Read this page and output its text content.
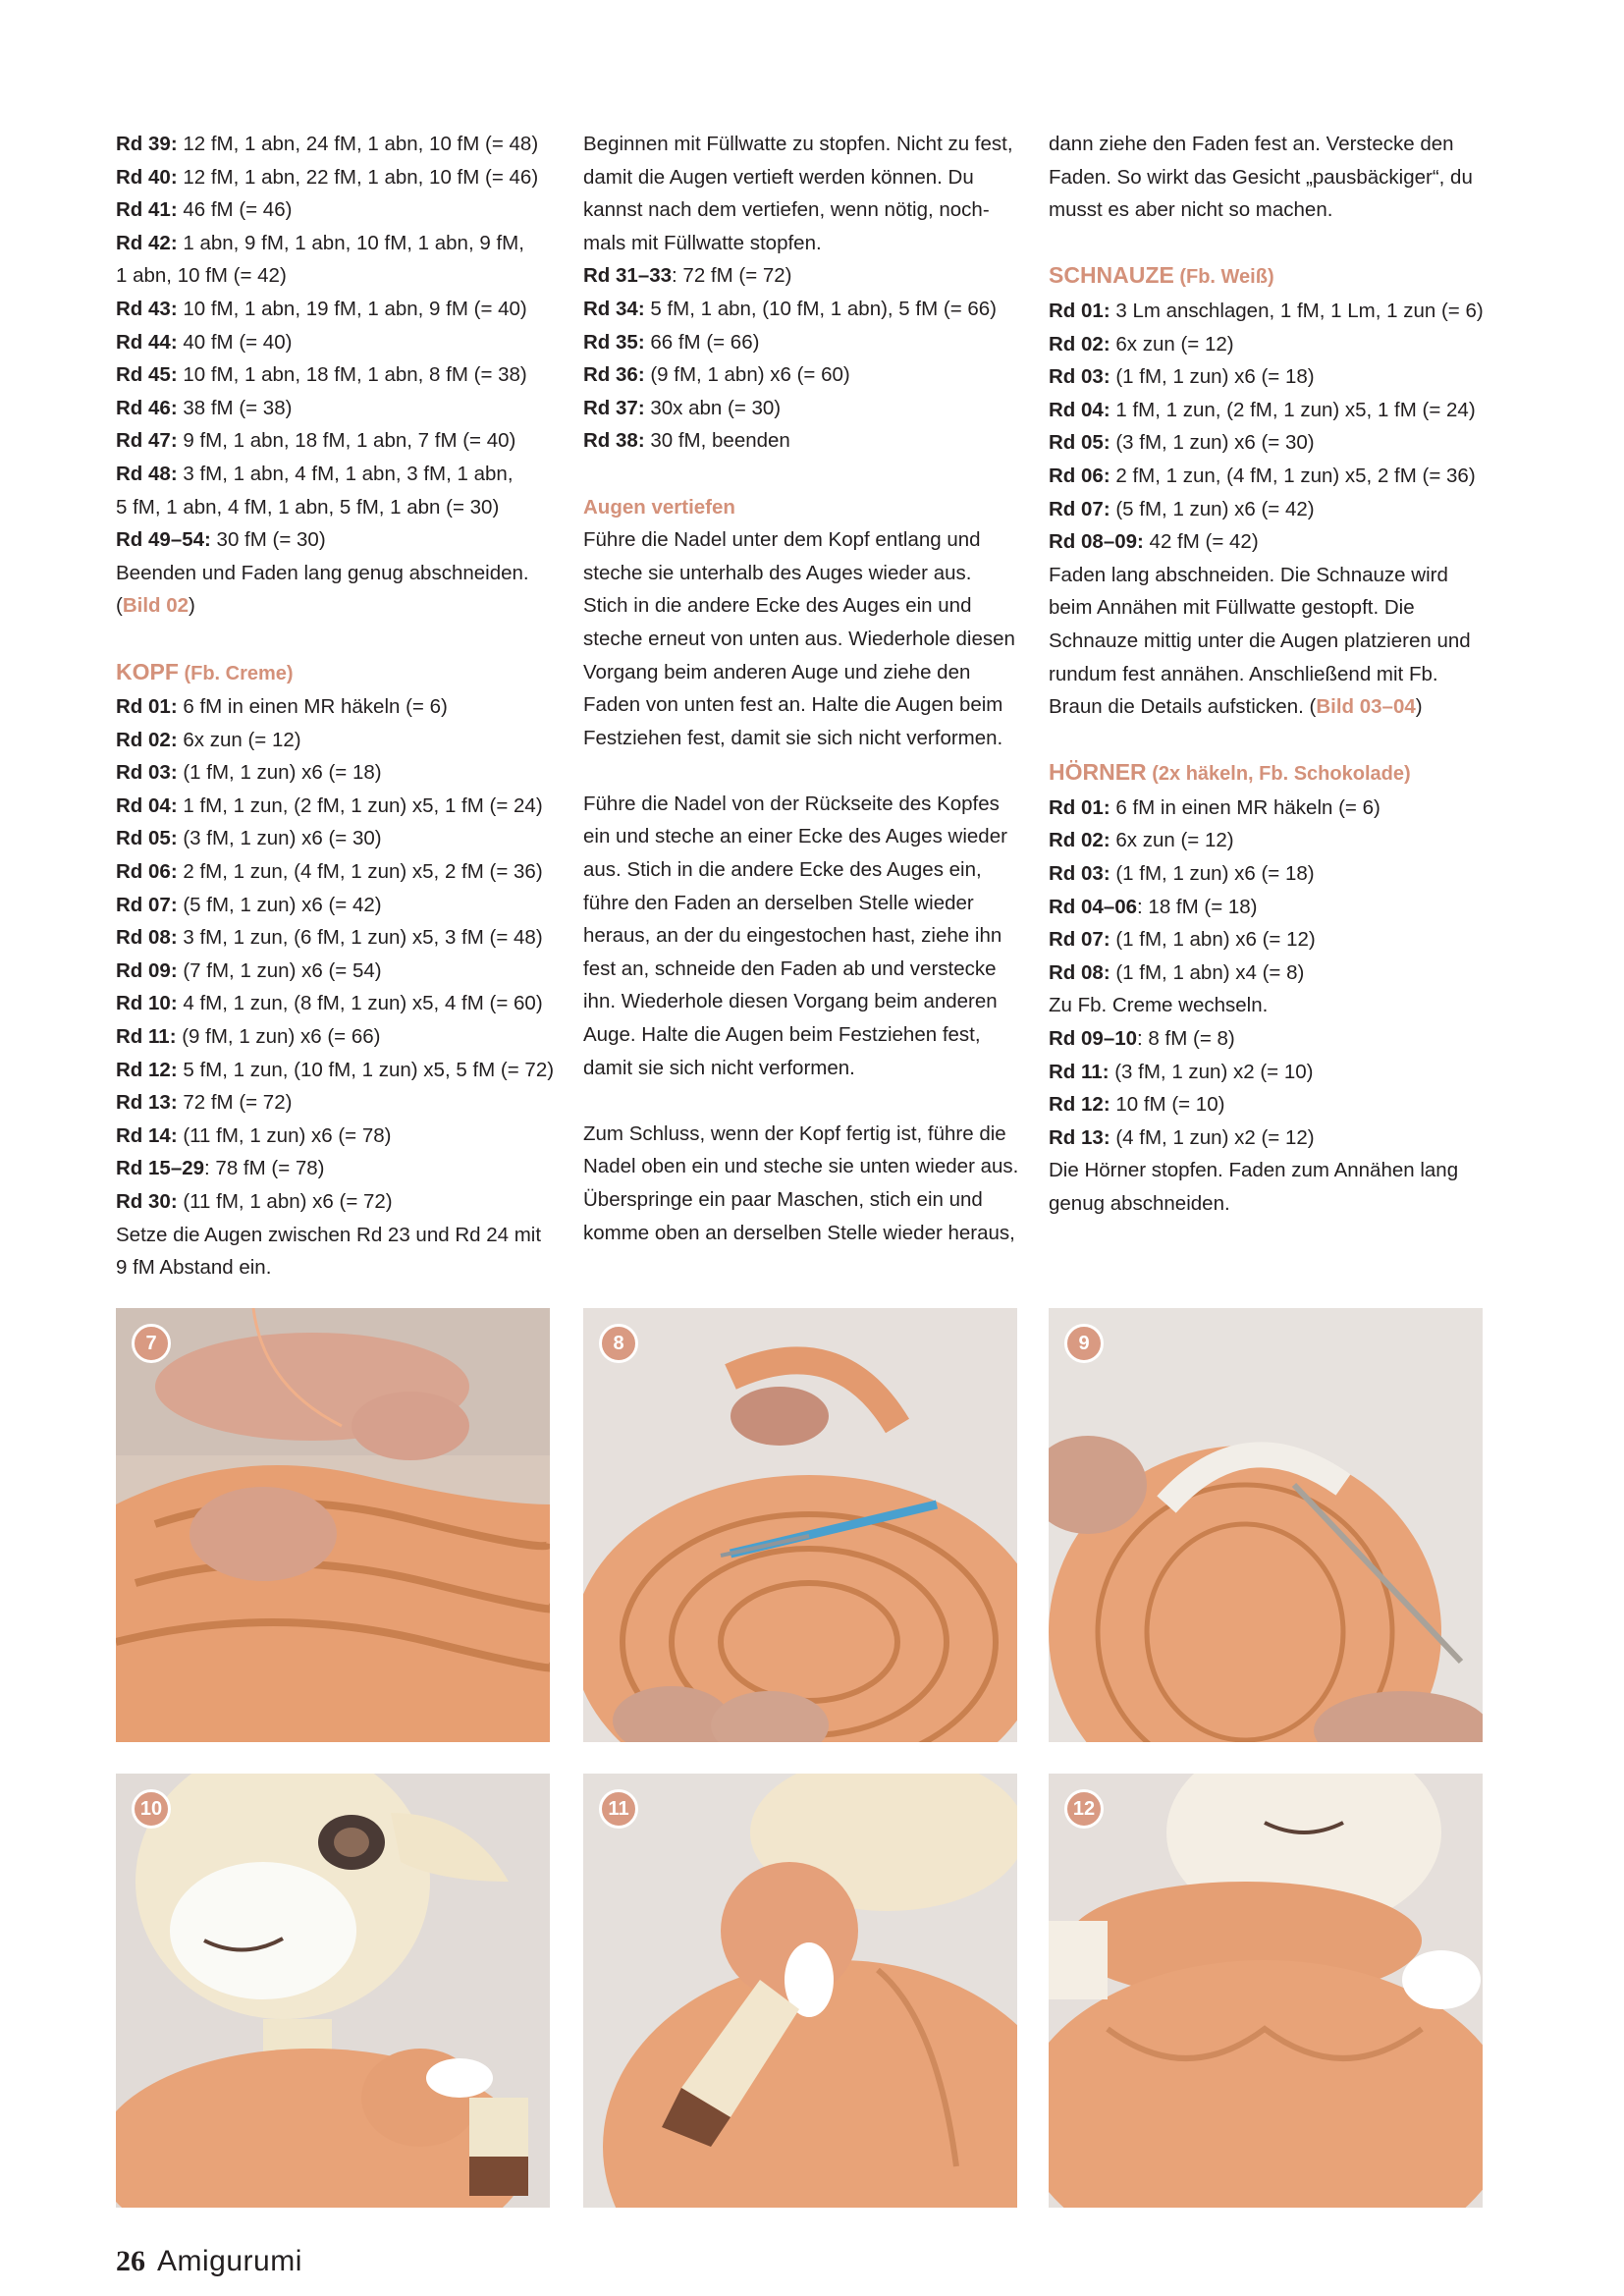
Rd 39: 12 fM, 1 abn, 24 fM, 1 abn, 10 fM (= 48)
Rd 40: 12 fM, 1 abn, 22 fM, 1 abn, 10 fM (= 46)
Rd 41: 46 fM (= 46)
Rd 42: 1 abn, 9 fM, 1 abn, 10 fM, 1 abn, 9 fM,
1 abn, 10 fM (= 42)
Rd 43: 10 fM, 1 abn, 19 fM, 1 abn, 9 fM (= 40)
Rd 44: 40 fM (= 40)
Rd 45: 10 fM, 1 abn, 18 fM, 1 abn, 8 fM (= 38)
Rd 46: 38 fM (= 38)
Rd 47: 9 fM, 1 abn, 18 fM, 1 abn, 7 fM (= 40)
Rd 48: 3 fM, 1 abn, 4 fM, 1 abn, 3 fM, 1 abn,
5 fM, 1 abn, 4 fM, 1 abn, 5 fM, 1 abn (= 30)
Rd 49–54: 30 fM (= 30)
Beenden und Faden lang genug abschneiden.
(Bild 02)
KOPF (Fb. Creme)
Rd 01: 6 fM in einen MR häkeln (= 6)
Rd 02: 6x zun (= 12)
Rd 03: (1 fM, 1 zun) x6 (= 18)
Rd 04: 1 fM, 1 zun, (2 fM, 1 zun) x5, 1 fM (= 24)
Rd 05: (3 fM, 1 zun) x6 (= 30)
Rd 06: 2 fM, 1 zun, (4 fM, 1 zun) x5, 2 fM (= 36)
Rd 07: (5 fM, 1 zun) x6 (= 42)
Rd 08: 3 fM, 1 zun, (6 fM, 1 zun) x5, 3 fM (= 48)
Rd 09: (7 fM, 1 zun) x6 (= 54)
Rd 10: 4 fM, 1 zun, (8 fM, 1 zun) x5, 4 fM (= 60)
Rd 11: (9 fM, 1 zun) x6 (= 66)
Rd 12: 5 fM, 1 zun, (10 fM, 1 zun) x5, 5 fM (= 72)
Rd 13: 72 fM (= 72)
Rd 14: (11 fM, 1 zun) x6 (= 78)
Rd 15–29: 78 fM (= 78)
Rd 30: (11 fM, 1 abn) x6 (= 72)
Setze die Augen zwischen Rd 23 und Rd 24 mit
9 fM Abstand ein.
Beginnen mit Füllwatte zu stopfen. Nicht zu fest,
damit die Augen vertieft werden können. Du
kannst nach dem vertiefen, wenn nötig, noch-
mals mit Füllwatte stopfen.
Rd 31–33: 72 fM (= 72)
Rd 34: 5 fM, 1 abn, (10 fM, 1 abn), 5 fM (= 66)
Rd 35: 66 fM (= 66)
Rd 36: (9 fM, 1 abn) x6 (= 60)
Rd 37: 30x abn (= 30)
Rd 38: 30 fM, beenden
Augen vertiefen
Führe die Nadel unter dem Kopf entlang und
steche sie unterhalb des Auges wieder aus.
Stich in die andere Ecke des Auges ein und
steche erneut von unten aus. Wiederhole diesen
Vorgang beim anderen Auge und ziehe den
Faden von unten fest an. Halte die Augen beim
Festziehen fest, damit sie sich nicht verformen.
Führe die Nadel von der Rückseite des Kopfes
ein und steche an einer Ecke des Auges wieder
aus. Stich in die andere Ecke des Auges ein,
führe den Faden an derselben Stelle wieder
heraus, an der du eingestochen hast, ziehe ihn
fest an, schneide den Faden ab und verstecke
ihn. Wiederhole diesen Vorgang beim anderen
Auge. Halte die Augen beim Festziehen fest,
damit sie sich nicht verformen.
Zum Schluss, wenn der Kopf fertig ist, führe die
Nadel oben ein und steche sie unten wieder aus.
Überspringe ein paar Maschen, stich ein und
komme oben an derselben Stelle wieder heraus,
dann ziehe den Faden fest an. Verstecke den
Faden. So wirkt das Gesicht „pausbäckiger“, du
musst es aber nicht so machen.
SCHNAUZE (Fb. Weiß)
Rd 01: 3 Lm anschlagen, 1 fM, 1 Lm, 1 zun (= 6)
Rd 02: 6x zun (= 12)
Rd 03: (1 fM, 1 zun) x6 (= 18)
Rd 04: 1 fM, 1 zun, (2 fM, 1 zun) x5, 1 fM (= 24)
Rd 05: (3 fM, 1 zun) x6 (= 30)
Rd 06: 2 fM, 1 zun, (4 fM, 1 zun) x5, 2 fM (= 36)
Rd 07: (5 fM, 1 zun) x6 (= 42)
Rd 08–09: 42 fM (= 42)
Faden lang abschneiden. Die Schnauze wird
beim Annähen mit Füllwatte gestopft. Die
Schnauze mittig unter die Augen platzieren und
rundum fest annähen. Anschließend mit Fb.
Braun die Details aufsticken. (Bild 03–04)
HÖRNER (2x häkeln, Fb. Schokolade)
Rd 01: 6 fM in einen MR häkeln (= 6)
Rd 02: 6x zun (= 12)
Rd 03: (1 fM, 1 zun) x6 (= 18)
Rd 04–06: 18 fM (= 18)
Rd 07: (1 fM, 1 abn) x6 (= 12)
Rd 08: (1 fM, 1 abn) x4 (= 8)
Zu Fb. Creme wechseln.
Rd 09–10: 8 fM (= 8)
Rd 11: (3 fM, 1 zun) x2 (= 10)
Rd 12: 10 fM (= 10)
Rd 13: (4 fM, 1 zun) x2 (= 12)
Die Hörner stopfen. Faden zum Annähen lang
genug abschneiden.
7	8	9
10	11	12
26 Amigurumi
